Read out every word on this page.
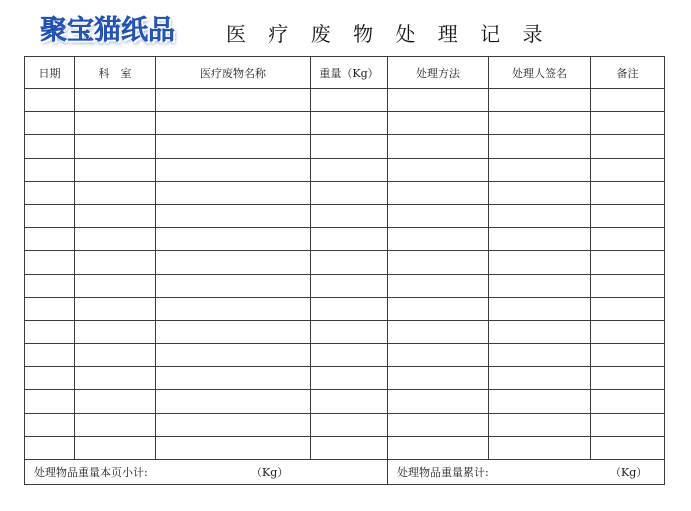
聚宝猫纸品	医 疗 废 物 处 理 记 录
日期	科　室	医疗废物名称	重量（Kg）	处理方法	处理人签名	备注

处理物品重量本页小计: （Kg）				处理物品重量累计: （Kg）		
